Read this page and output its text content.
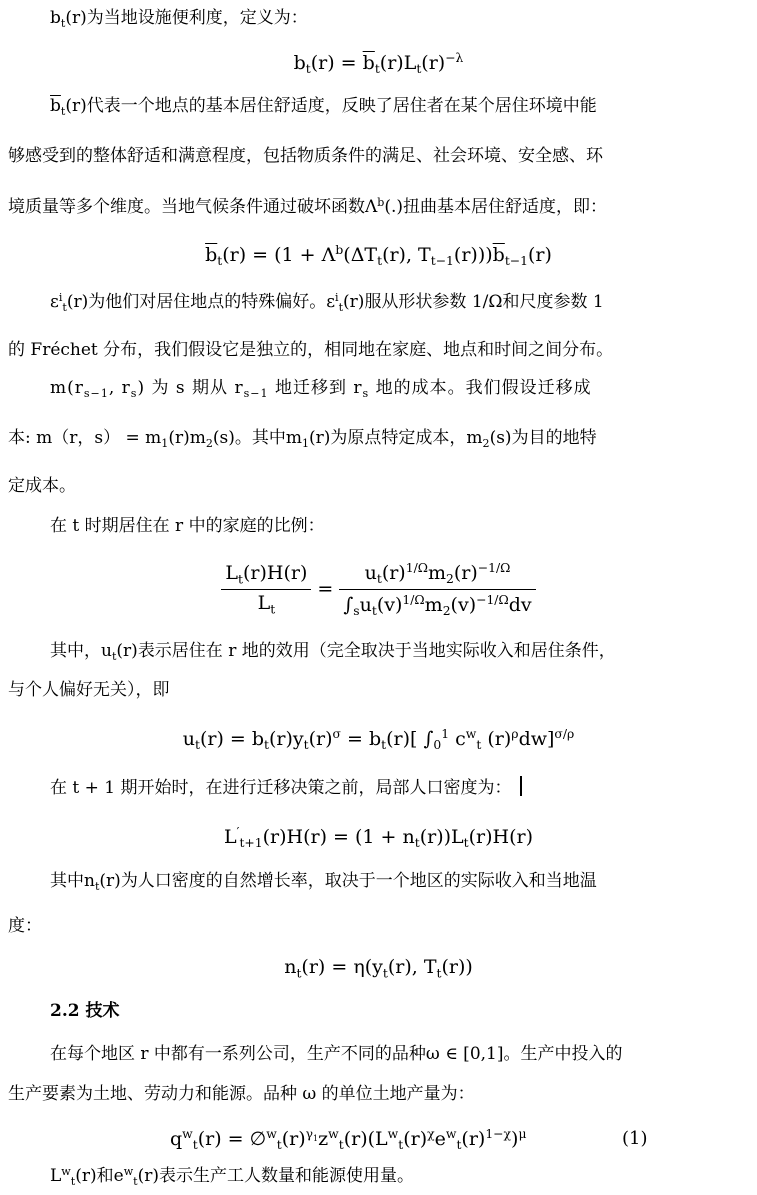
$b_t(r)$为当地设施便利度，定义为：
$b_t(r) = \overline{b}_t(r)L_t(r)^{-\lambda}$
$\overline{b}_t(r)$代表一个地点的基本居住舒适度，反映了居住者在某个居住环境中能
够感受到的整体舒适和满意程度，包括物质条件的满足、社会环境、安全感、环
境质量等多个维度。当地气候条件通过破坏函数$\Lambda^b(.)$扭曲基本居住舒适度，即：
$\overline{b}_t(r) = (1 + \Lambda^b(\Delta T_t(r)$, $T_{t-1}(r)))\overline{b}_{t-1}(r)$
$\varepsilon^i_t(r)$为他们对居住地点的特殊偏好。$\varepsilon^i_t(r)$服从形状参数 1/Ω和尺度参数 1
的 Fréchet 分布，我们假设它是独立的，相同地在家庭、地点和时间之间分布。
$m(r_{s-1}$, $r_s$) 为 s 期从 $r_{s-1}$ 地迁移到 $r_s$ 地的成本。我们假设迁移成
本: m（r，$s) = m_1(r)m_2(s)$。其中$m_1(r)$为原点特定成本，$m_2(s)$为目的地特
定成本。
在 t 时期居住在 r 中的家庭的比例：
$\frac{L_t(r)H(r)}{L_t} = \frac{u_t(r)^{1/\Omega}m_2(r)^{-1/\Omega}}{\int_su_t(v)^{1/\Omega}m_2(v)^{-1/\Omega}dv}$
其中，$u_t(r)$表示居住在 r 地的效用（完全取决于当地实际收入和居住条件，
与个人偏好无关），即
$u_t(r) = b_t(r)y_t(r)^\sigma = b_t(r)$[ $\int_0^1$ $c^w_t$ $(r)^\rho dw]^{\sigma/\rho}$
在 t + 1 期开始时，在进行迁移决策之前，局部人口密度为：
$L'_{t+1}(r)H(r) = (1 + n_t(r))L_t(r)H(r)$
其中$n_t(r)$为人口密度的自然增长率，取决于一个地区的实际收入和当地温
度：
$n_t(r) = \eta(y_t(r)$, $T_t(r)$)
2.2 技术
在每个地区 r 中都有一系列公司，生产不同的品种ω ∈ [0,1]。生产中投入的
生产要素为土地、劳动力和能源。品种 ω 的单位土地产量为：
$q^w_t(r)$ = $\emptyset^w_t(r)^{\gamma_1}z^w_t(r)(L^w_t(r)^\chi e^w_t(r)^{1-\chi})^\mu$	(1)
$L^w_t(r)$和$e^w_t(r)$表示生产工人数量和能源使用量。
